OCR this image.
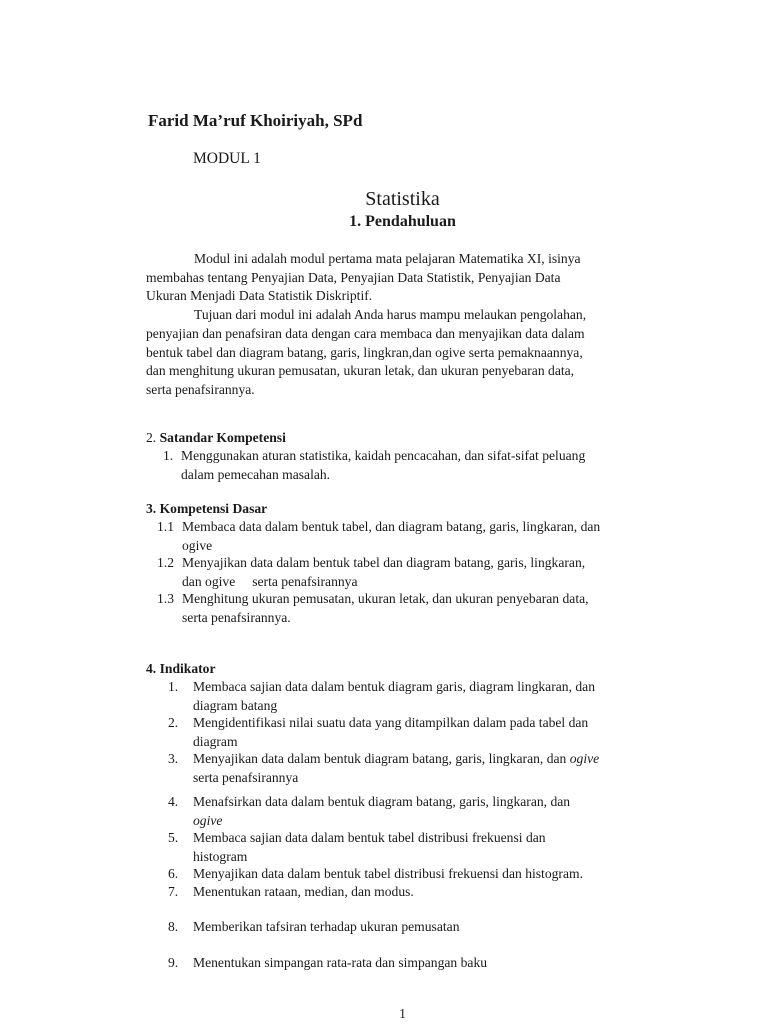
Farid Ma’ruf Khoiriyah, SPd
MODUL 1
Statistika
1. Pendahuluan
Modul ini adalah modul pertama mata pelajaran Matematika XI, isinya
membahas tentang Penyajian Data, Penyajian Data Statistik, Penyajian Data
Ukuran Menjadi Data Statistik Diskriptif.
Tujuan dari modul ini adalah Anda harus mampu melaukan pengolahan,
penyajian dan penafsiran data dengan cara membaca dan menyajikan data dalam
bentuk tabel dan diagram batang, garis, lingkran,dan ogive serta pemaknaannya,
dan menghitung ukuran pemusatan, ukuran letak, dan ukuran penyebaran data,
serta penafsirannya.
2. Satandar Kompetensi
1. Menggunakan aturan statistika, kaidah pencacahan, dan sifat-sifat peluang
dalam pemecahan masalah.
3. Kompetensi Dasar
1.1 Membaca data dalam bentuk tabel, dan diagram batang, garis, lingkaran, dan
ogive
1.2 Menyajikan data dalam bentuk tabel dan diagram batang, garis, lingkaran,
dan ogive     serta penafsirannya
1.3 Menghitung ukuran pemusatan, ukuran letak, dan ukuran penyebaran data,
serta penafsirannya.
4. Indikator
1. Membaca sajian data dalam bentuk diagram garis, diagram lingkaran, dan
diagram batang
2. Mengidentifikasi nilai suatu data yang ditampilkan dalam pada tabel dan
diagram
3. Menyajikan data dalam bentuk diagram batang, garis, lingkaran, dan ogive
serta penafsirannya
4. Menafsirkan data dalam bentuk diagram batang, garis, lingkaran, dan
ogive
5. Membaca sajian data dalam bentuk tabel distribusi frekuensi dan
histogram
6. Menyajikan data dalam bentuk tabel distribusi frekuensi dan histogram.
7. Menentukan rataan, median, dan modus.
8. Memberikan tafsiran terhadap ukuran pemusatan
9. Menentukan simpangan rata-rata dan simpangan baku
1
